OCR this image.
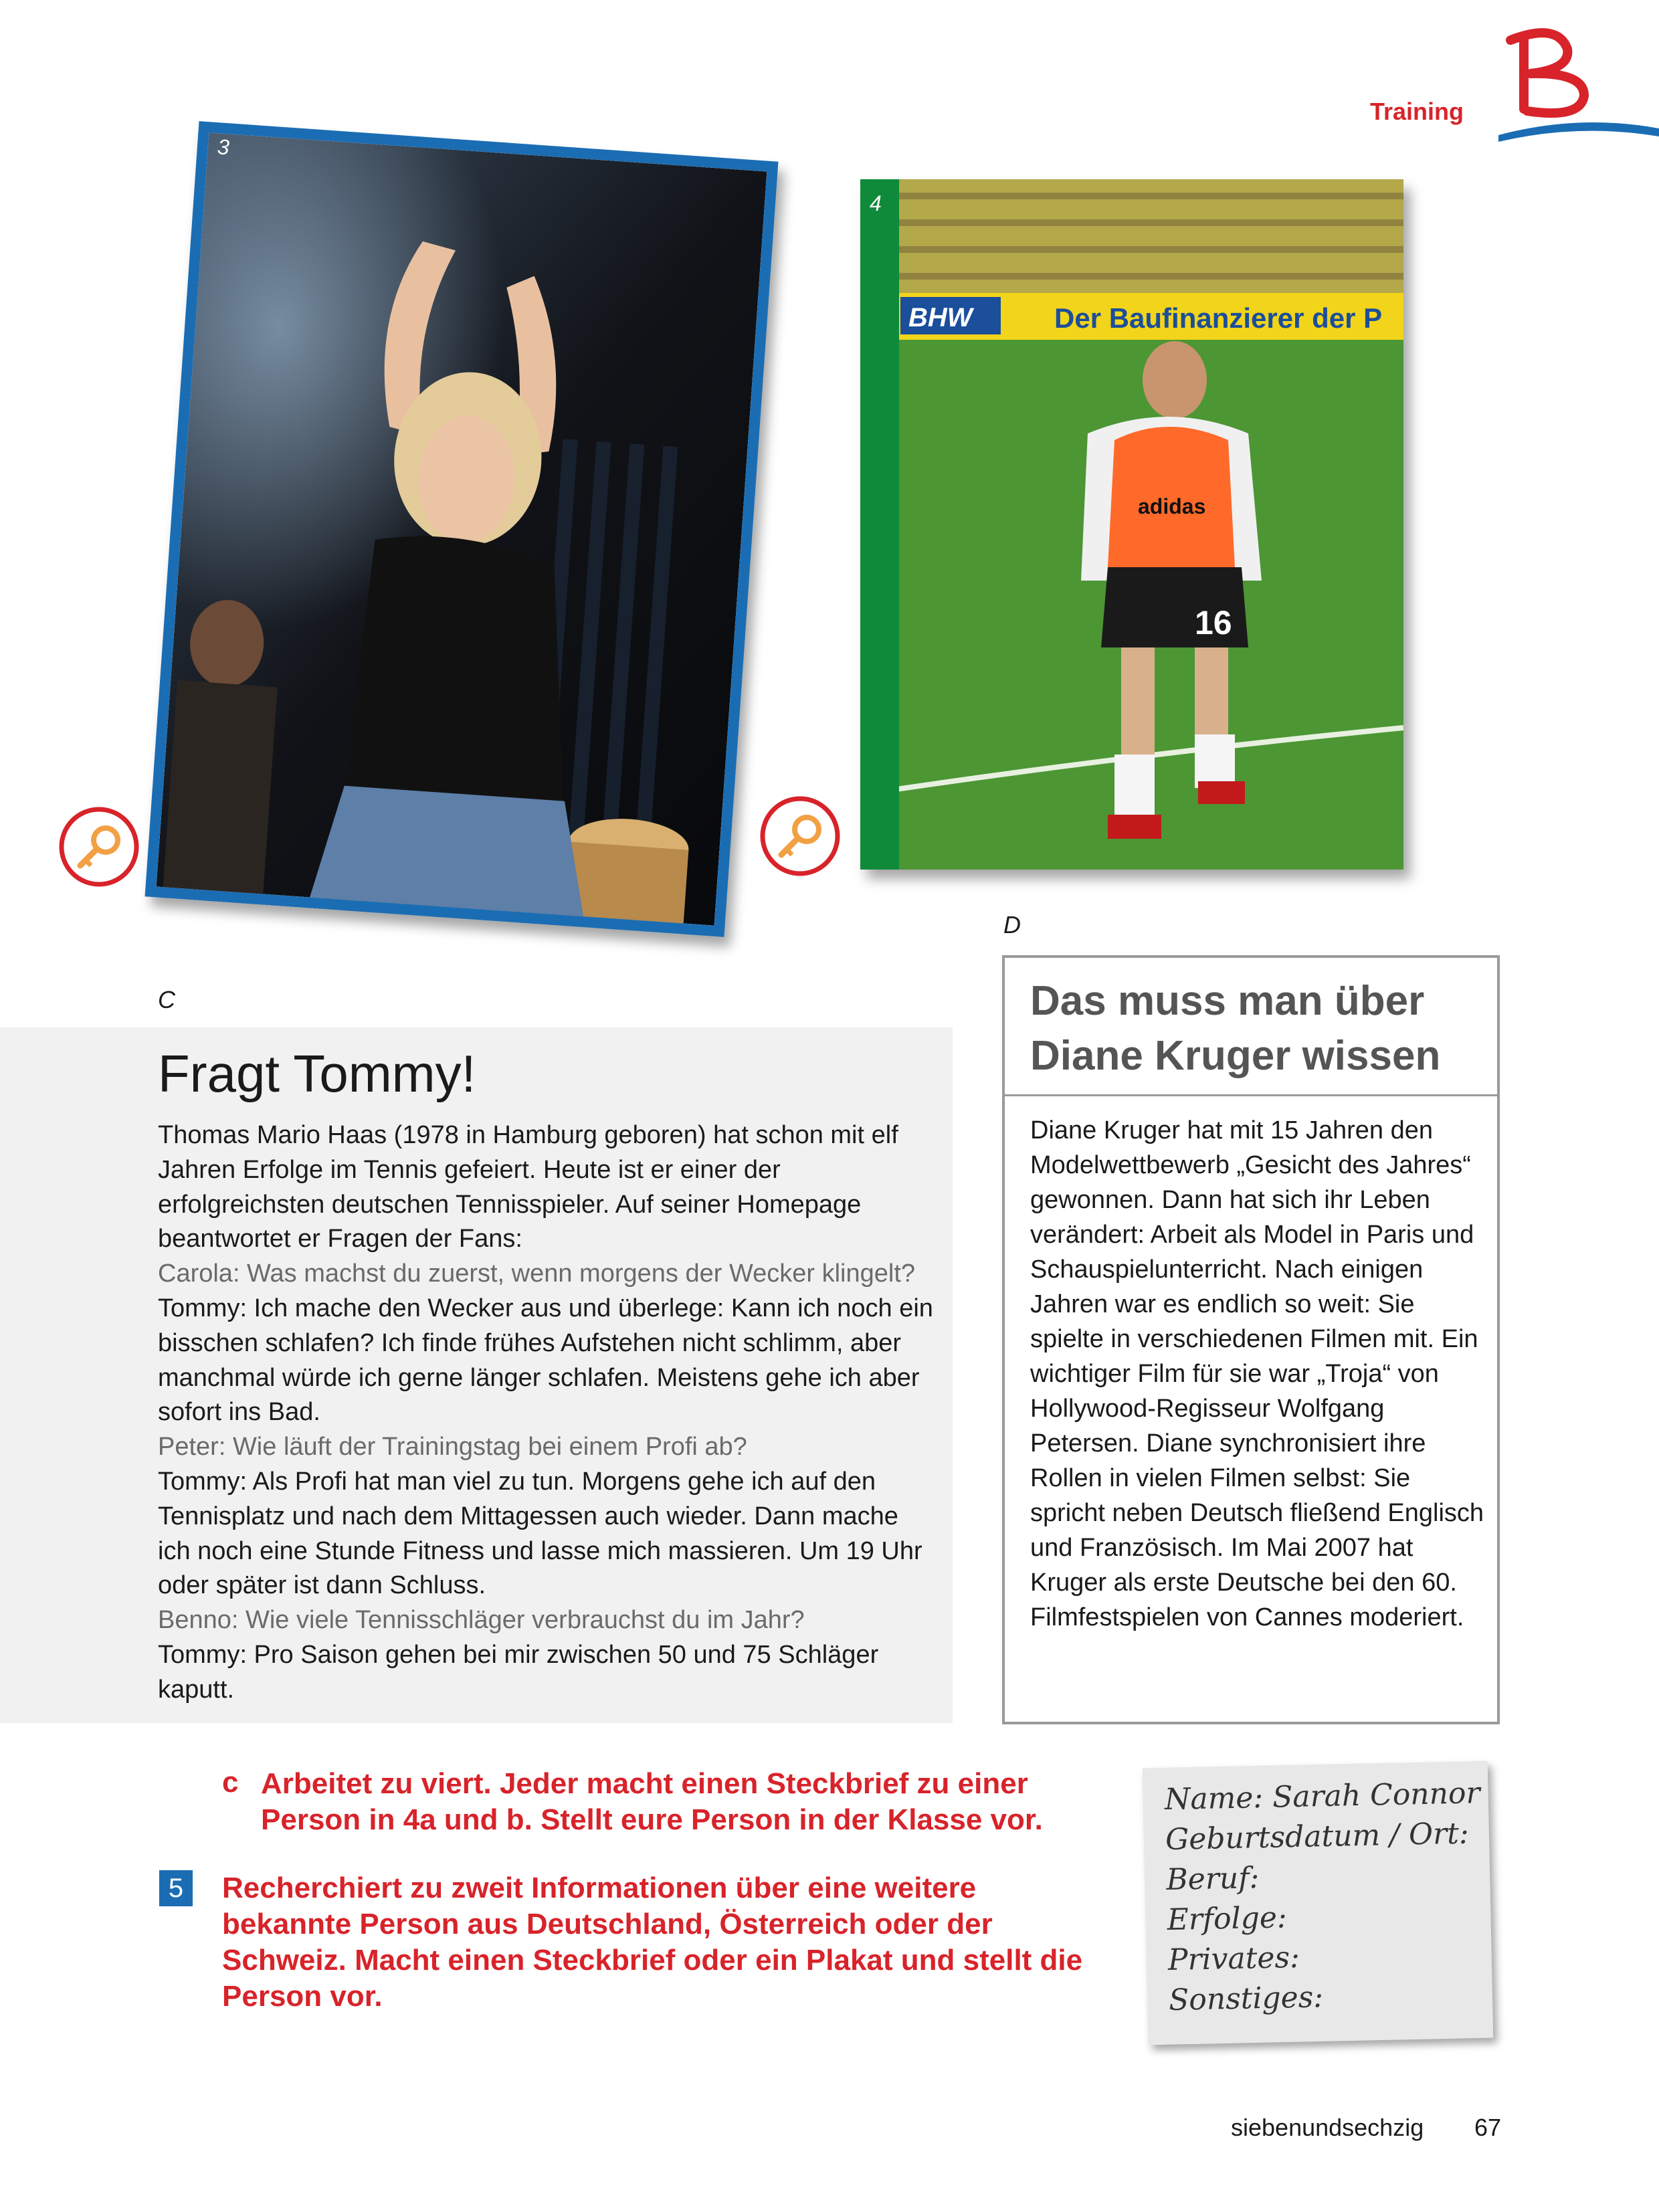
Training
3
BHW	Der Baufinanzierer der P
adidas
16
4
C
Fragt Tommy!

Thomas Mario Haas (1978 in Hamburg geboren) hat schon mit elf Jahren Erfolge im Tennis gefeiert. Heute ist er einer der erfolgreichsten deutschen Tennisspieler. Auf seiner Homepage beantwortet er Fragen der Fans:

Carola: Was machst du zuerst, wenn morgens der Wecker klingelt?

Tommy: Ich mache den Wecker aus und überlege: Kann ich noch ein bisschen schlafen? Ich finde frühes Aufstehen nicht schlimm, aber manchmal würde ich gerne länger schlafen. Meistens gehe ich aber sofort ins Bad.

Peter: Wie läuft der Trainingstag bei einem Profi ab?

Tommy: Als Profi hat man viel zu tun. Morgens gehe ich auf den Tennisplatz und nach dem Mittagessen auch wieder. Dann mache ich noch eine Stunde Fitness und lasse mich massieren. Um 19 Uhr oder später ist dann Schluss.

Benno: Wie viele Tennisschläger verbrauchst du im Jahr?

Tommy: Pro Saison gehen bei mir zwischen 50 und 75 Schläger kaputt.

D
Das muss man über
Diane Kruger wissen
Diane Kruger hat mit 15 Jahren den Modelwettbewerb „Gesicht des Jahres“ gewonnen. Dann hat sich ihr Leben verändert: Arbeit als Model in Paris und Schauspielunterricht. Nach einigen Jahren war es endlich so weit: Sie spielte in verschiedenen Filmen mit. Ein wichtiger Film für sie war „Troja“ von Hollywood-Regisseur Wolfgang Petersen. Diane synchronisiert ihre Rollen in vielen Filmen selbst: Sie spricht neben Deutsch fließend Englisch und Französisch. Im Mai 2007 hat Kruger als erste Deutsche bei den 60. Filmfestspielen von Cannes moderiert.
c Arbeitet zu viert. Jeder macht einen Steckbrief zu einer Person in 4a und b. Stellt eure Person in der Klasse vor.
5	Recherchiert zu zweit Informationen über eine weitere bekannte Person aus Deutschland, Österreich oder der Schweiz. Macht einen Steckbrief oder ein Plakat und stellt die Person vor.
Name: Sarah Connor
Geburtsdatum / Ort:
Beruf:
Erfolge:
Privates:
Sonstiges:
siebenundsechzig 67
